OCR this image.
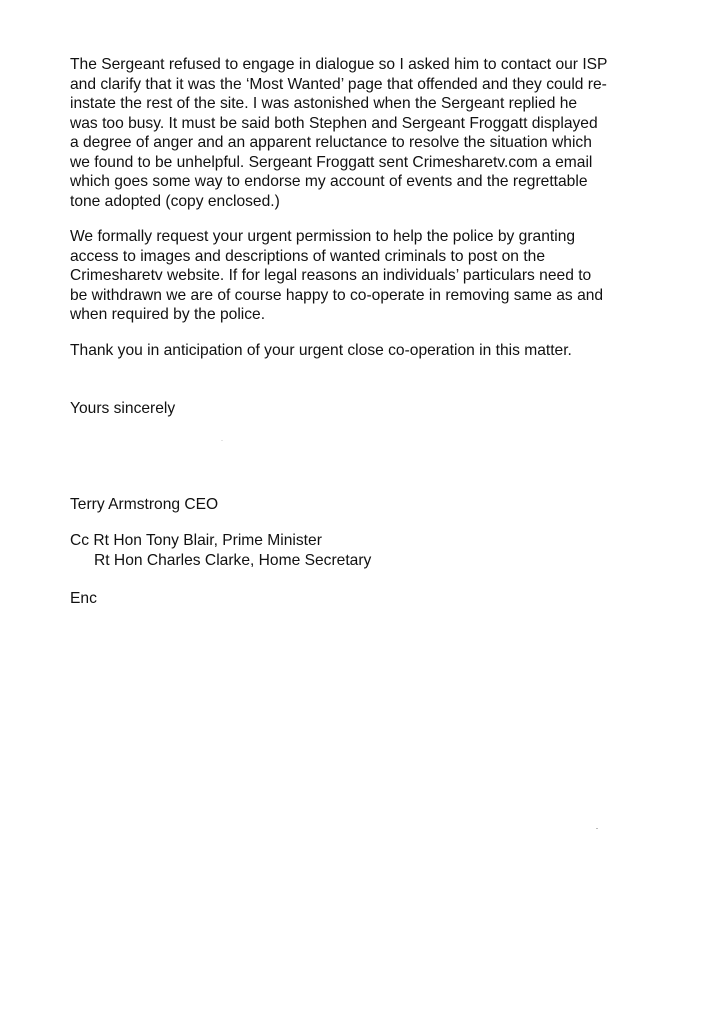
The Sergeant refused to engage in dialogue so I asked him to contact our ISP
and clarify that it was the ‘Most Wanted’ page that offended and they could re-
instate the rest of the site. I was astonished when the Sergeant replied he
was too busy. It must be said both Stephen and Sergeant Froggatt displayed
a degree of anger and an apparent reluctance to resolve the situation which
we found to be unhelpful. Sergeant Froggatt sent Crimesharetv.com a email
which goes some way to endorse my account of events and the regrettable
tone adopted (copy enclosed.)
We formally request your urgent permission to help the police by granting
access to images and descriptions of wanted criminals to post on the
Crimesharetv website. If for legal reasons an individuals’ particulars need to
be withdrawn we are of course happy to co-operate in removing same as and
when required by the police.
Thank you in anticipation of your urgent close co-operation in this matter.
Yours sincerely
Terry Armstrong CEO
Cc Rt Hon Tony Blair, Prime Minister
Rt Hon Charles Clarke, Home Secretary
Enc
